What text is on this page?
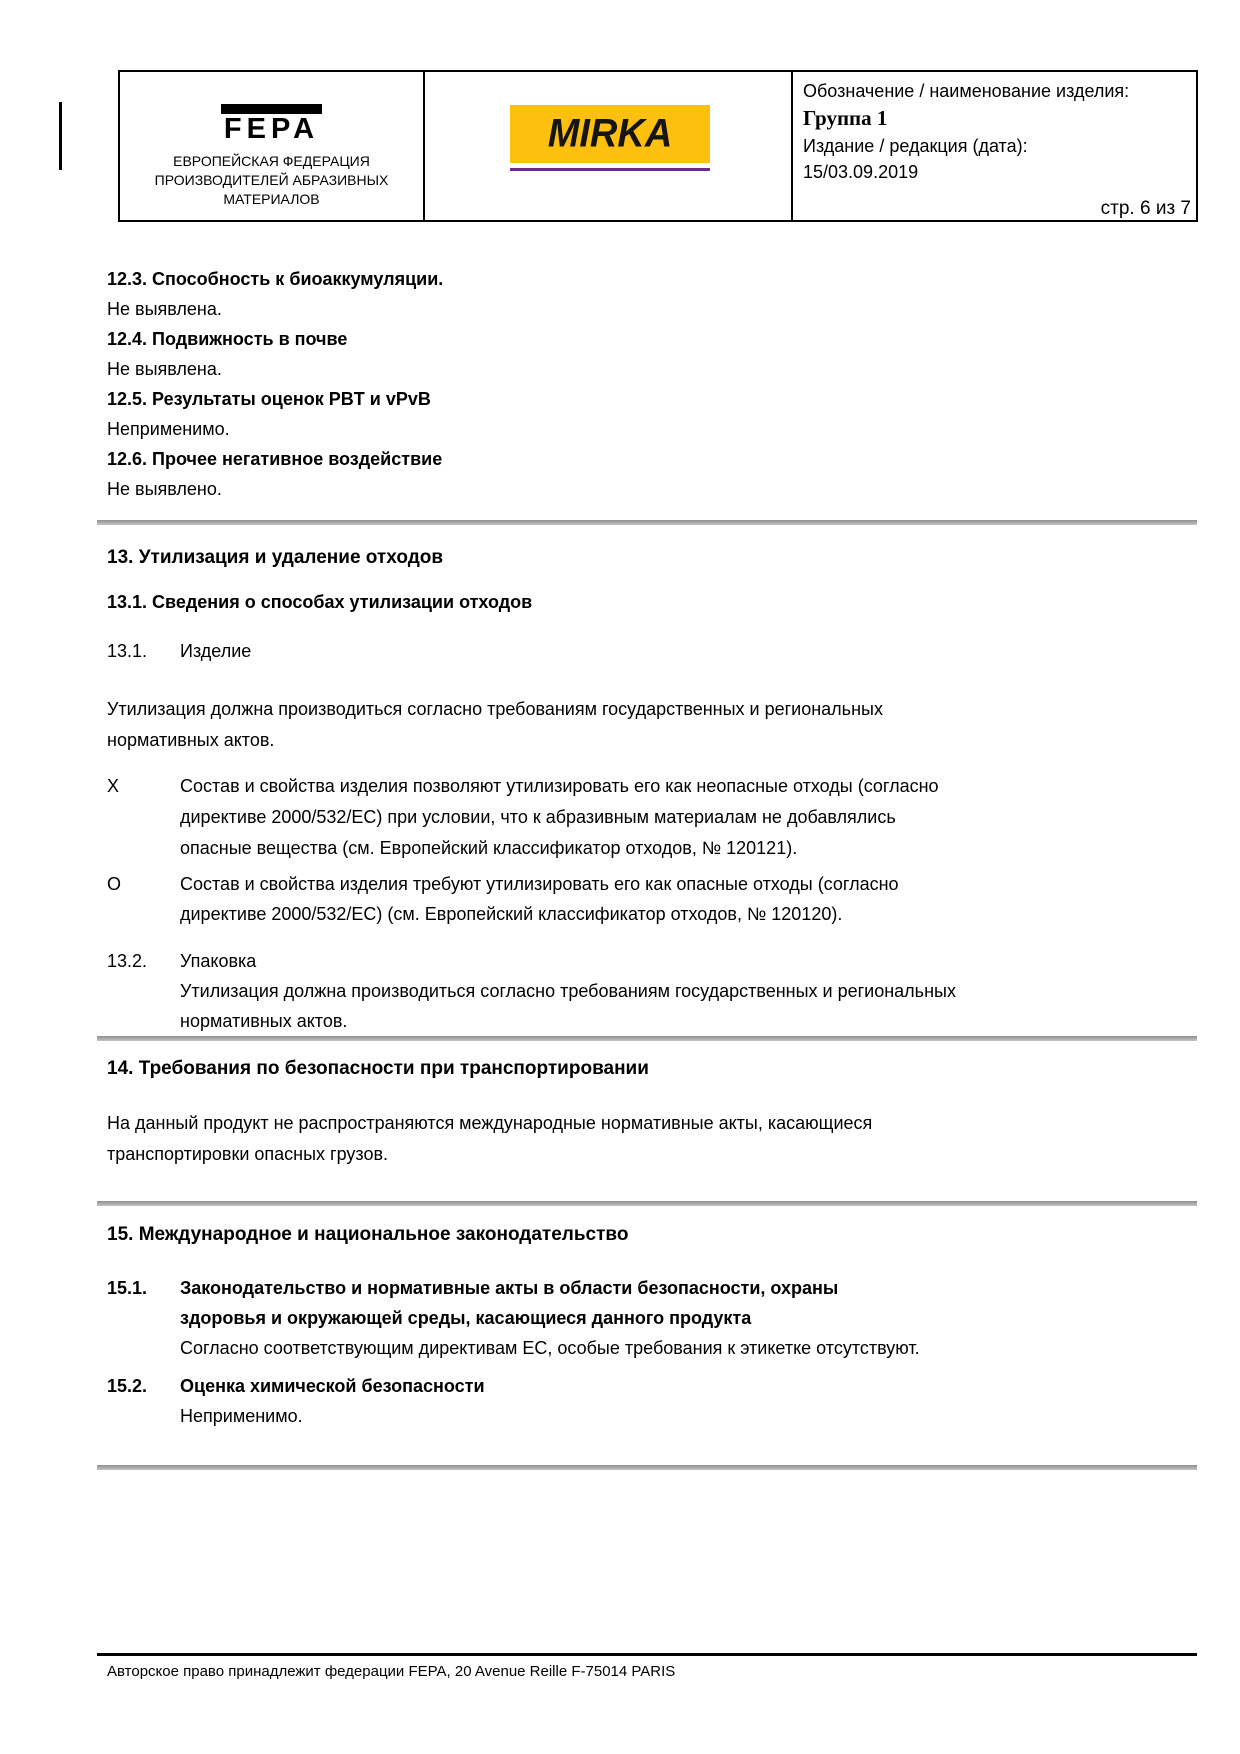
FEPA
ЕВРОПЕЙСКАЯ ФЕДЕРАЦИЯ
ПРОИЗВОДИТЕЛЕЙ АБРАЗИВНЫХ
МАТЕРИАЛОВ
MIRKA
Обозначение / наименование изделия:
Группа 1
Издание / редакция (дата):
15/03.09.2019
стр. 6 из 7
12.3. Способность к биоаккумуляции.
Не выявлена.
12.4. Подвижность в почве
Не выявлена.
12.5. Результаты оценок PBT и vPvB
Неприменимо.
12.6. Прочее негативное воздействие
Не выявлено.
13. Утилизация и удаление отходов
13.1. Сведения о способах утилизации отходов
13.1.	Изделие
Утилизация должна производиться согласно требованиям государственных и региональных
нормативных актов.
X	Состав и свойства изделия позволяют утилизировать его как неопасные отходы (согласно
директиве 2000/532/EC) при условии, что к абразивным материалам не добавлялись
опасные вещества (см. Европейский классификатор отходов, № 120121).
O	Состав и свойства изделия требуют утилизировать его как опасные отходы (согласно
директиве 2000/532/EC) (см. Европейский классификатор отходов, № 120120).
13.2.	Упаковка
Утилизация должна производиться согласно требованиям государственных и региональных
нормативных актов.
14. Требования по безопасности при транспортировании
На данный продукт не распространяются международные нормативные акты, касающиеся
транспортировки опасных грузов.
15. Международное и национальное законодательство
15.1.	Законодательство и нормативные акты в области безопасности, охраны
здоровья и окружающей среды, касающиеся данного продукта
Согласно соответствующим директивам ЕС, особые требования к этикетке отсутствуют.
15.2.	Оценка химической безопасности
Неприменимо.
Авторское право принадлежит федерации FEPA, 20 Avenue Reille F-75014 PARIS
